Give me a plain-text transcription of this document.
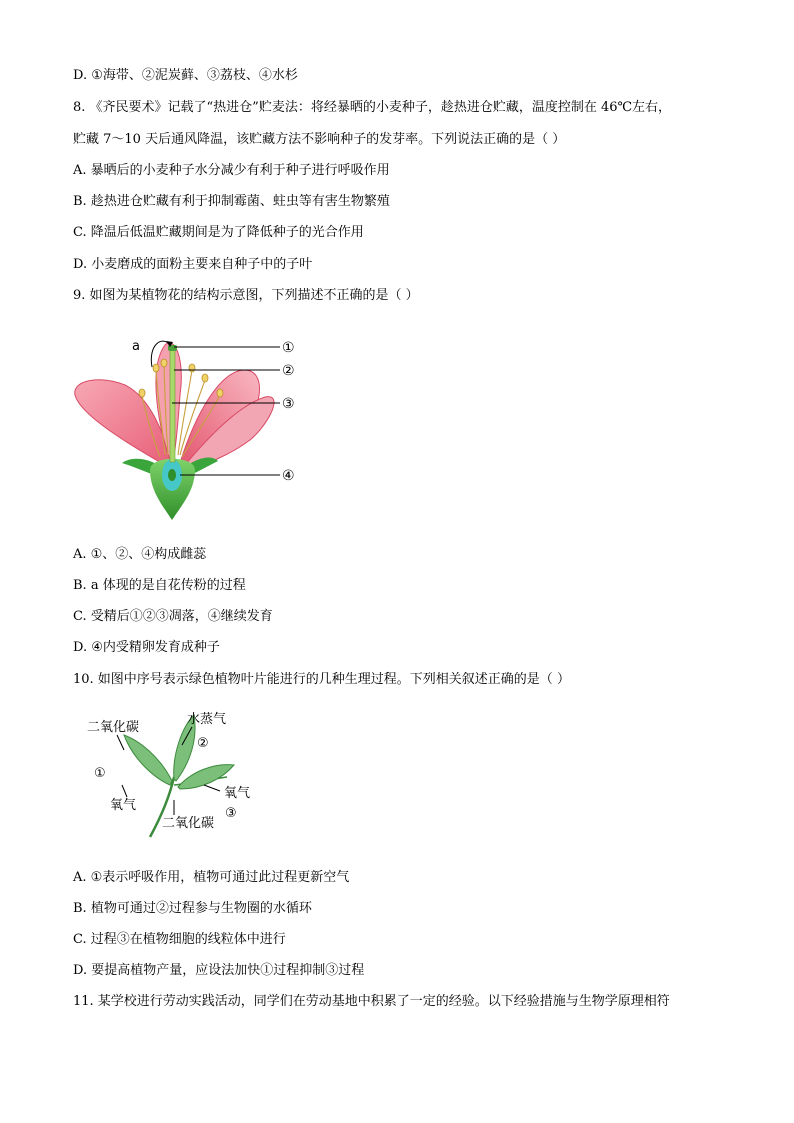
D. ①海带、②泥炭藓、③荔枝、④水杉
8. 《齐民要术》记载了“热进仓”贮麦法：将经暴晒的小麦种子，趁热进仓贮藏，温度控制在 46℃左右，
贮藏 7～10 天后通风降温，该贮藏方法不影响种子的发芽率。下列说法正确的是（ ）
A. 暴晒后的小麦种子水分减少有利于种子进行呼吸作用
B. 趁热进仓贮藏有利于抑制霉菌、蛀虫等有害生物繁殖
C. 降温后低温贮藏期间是为了降低种子的光合作用
D. 小麦磨成的面粉主要来自种子中的子叶
9. 如图为某植物花的结构示意图，下列描述不正确的是（ ）
a	①
②
③
④
A. ①、②、④构成雌蕊
B. a 体现的是自花传粉的过程
C. 受精后①②③凋落，④继续发育
D. ④内受精卵发育成种子
10. 如图中序号表示绿色植物叶片能进行的几种生理过程。下列相关叙述正确的是（ ）
二氧化碳
水蒸气
②
①
氧气
氧气
③
二氧化碳
A. ①表示呼吸作用，植物可通过此过程更新空气
B. 植物可通过②过程参与生物圈的水循环
C. 过程③在植物细胞的线粒体中进行
D. 要提高植物产量，应设法加快①过程抑制③过程
11. 某学校进行劳动实践活动，同学们在劳动基地中积累了一定的经验。以下经验措施与生物学原理相符
